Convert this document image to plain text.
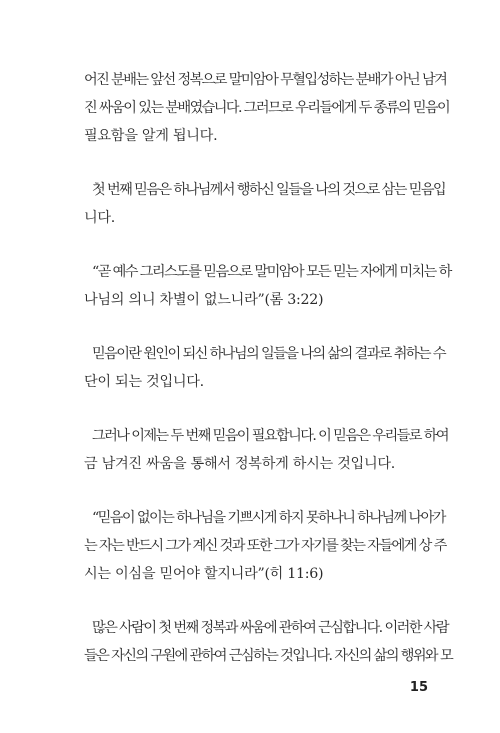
어진 분배는 앞선 정복으로 말미암아 무혈입성하는 분배가 아닌 남겨
진 싸움이 있는 분배였습니다. 그러므로 우리들에게 두 종류의 믿음이
필요함을 알게 됩니다.

첫 번째 믿음은 하나님께서 행하신 일들을 나의 것으로 삼는 믿음입
니다.

“곧 예수 그리스도를 믿음으로 말미암아 모든 믿는 자에게 미치는 하
나님의 의니 차별이 없느니라”(롬 3:22)

믿음이란 원인이 되신 하나님의 일들을 나의 삶의 결과로 취하는 수
단이 되는 것입니다.

그러나 이제는 두 번째 믿음이 필요합니다. 이 믿음은 우리들로 하여
금 남겨진 싸움을 통해서 정복하게 하시는 것입니다.

“믿음이 없이는 하나님을 기쁘시게 하지 못하나니 하나님께 나아가
는 자는 반드시 그가 계신 것과 또한 그가 자기를 찾는 자들에게 상 주
시는 이심을 믿어야 할지니라”(히 11:6)

많은 사람이 첫 번째 정복과 싸움에 관하여 근심합니다. 이러한 사람
들은 자신의 구원에 관하여 근심하는 것입니다. 자신의 삶의 행위와 모

15
